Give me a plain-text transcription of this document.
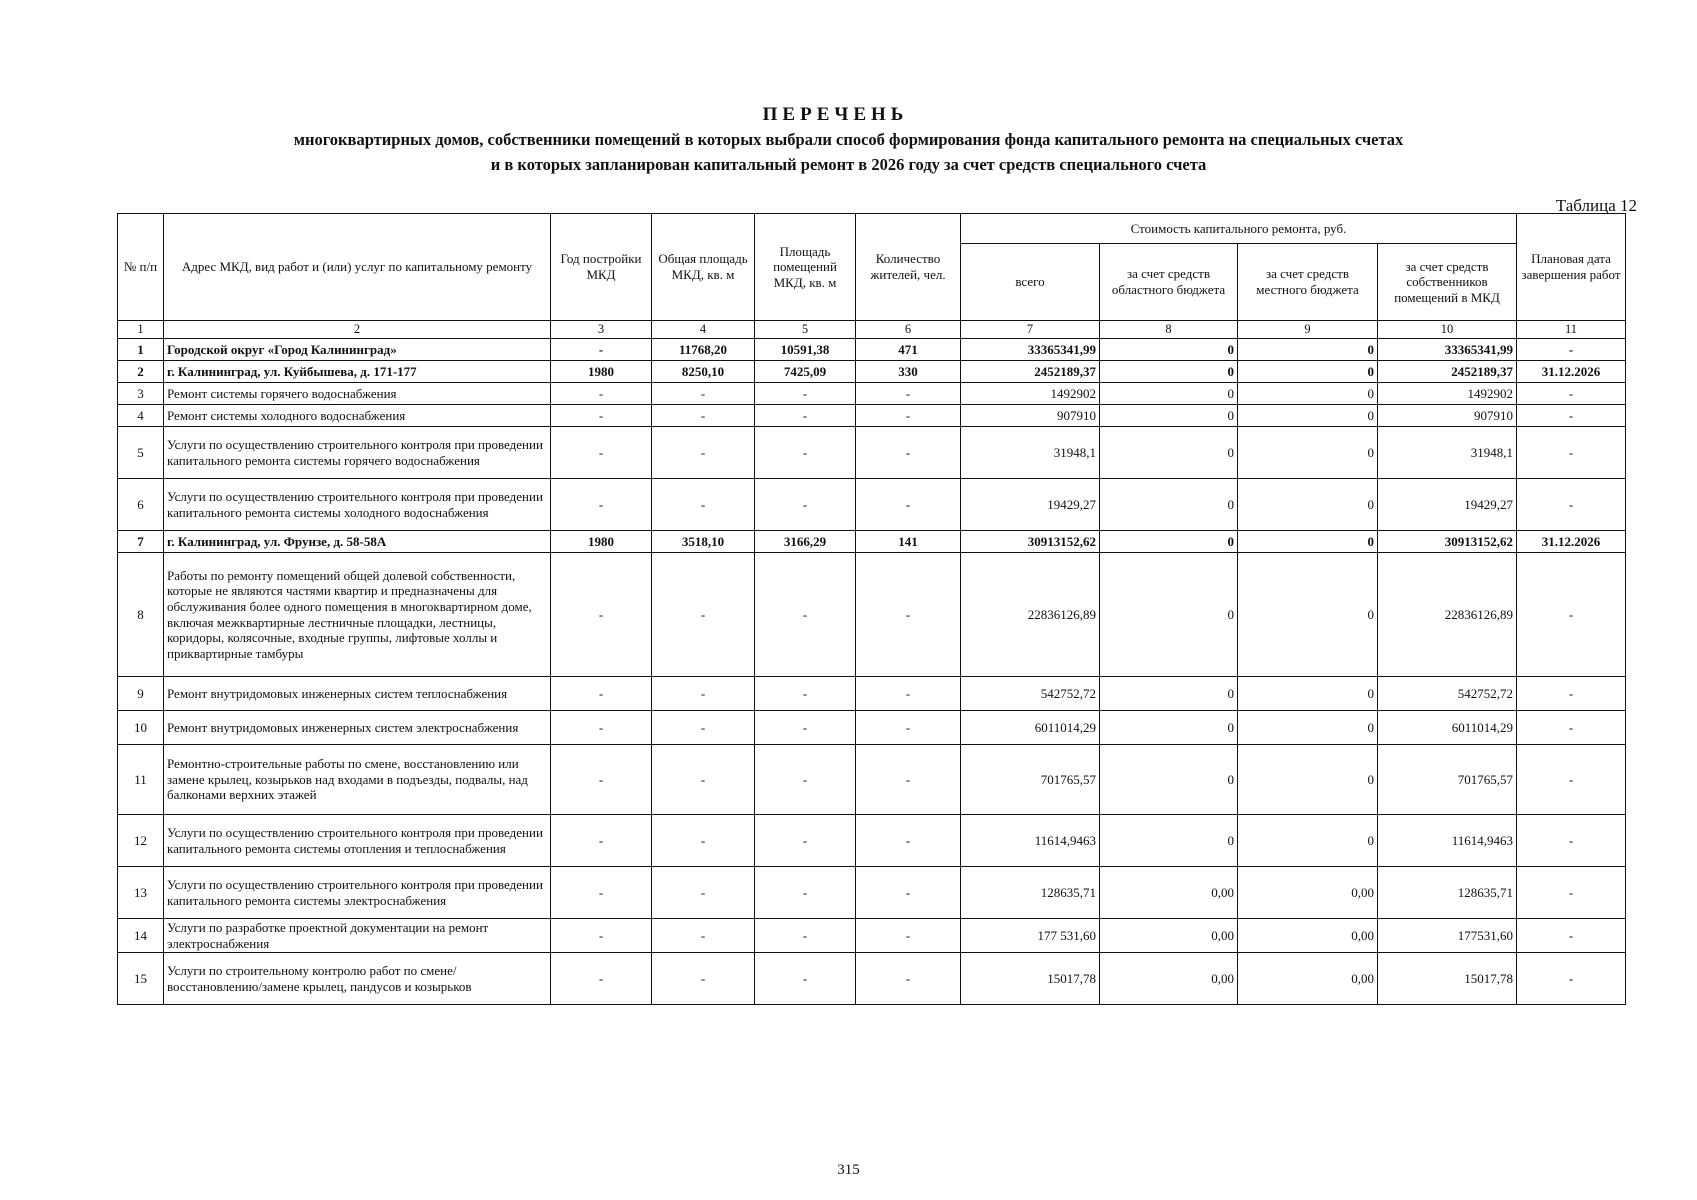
ПЕРЕЧЕНЬ
многоквартирных домов, собственники помещений в которых выбрали способ формирования фонда капитального ремонта на специальных счетах
и в которых запланирован капитальный ремонт в 2026 году за счет средств специального счета
Таблица 12
№ п/п	Адрес МКД, вид работ и (или) услуг по капитальному ремонту	Год постройки МКД	Общая площадь МКД, кв. м	Площадь помещений МКД, кв. м	Количество жителей, чел.	Стоимость капитального ремонта, руб.				Плановая дата завершения работ
						всего	за счет средств областного бюджета	за счет средств местного бюджета	за счет средств собственников помещений в МКД	
1	2	3	4	5	6	7	8	9	10	11
1	Городской округ «Город Калининград»	-	11768,20	10591,38	471	33365341,99	0	0	33365341,99	-
2	г. Калининград, ул. Куйбышева, д. 171-177	1980	8250,10	7425,09	330	2452189,37	0	0	2452189,37	31.12.2026
3	Ремонт системы горячего водоснабжения	-	-	-	-	1492902	0	0	1492902	-
4	Ремонт системы холодного водоснабжения	-	-	-	-	907910	0	0	907910	-
5	Услуги по осуществлению строительного контроля при проведении капитального ремонта системы горячего водоснабжения	-	-	-	-	31948,1	0	0	31948,1	-
6	Услуги по осуществлению строительного контроля при проведении капитального ремонта системы холодного водоснабжения	-	-	-	-	19429,27	0	0	19429,27	-
7	г. Калининград, ул. Фрунзе, д. 58-58А	1980	3518,10	3166,29	141	30913152,62	0	0	30913152,62	31.12.2026
8	Работы по ремонту помещений общей долевой собственности, которые не являются частями квартир и предназначены для обслуживания более одного помещения в многоквартирном доме, включая межквартирные лестничные площадки, лестницы, коридоры, колясочные, входные группы, лифтовые холлы и приквартирные тамбуры	-	-	-	-	22836126,89	0	0	22836126,89	-
9	Ремонт внутридомовых инженерных систем теплоснабжения	-	-	-	-	542752,72	0	0	542752,72	-
10	Ремонт внутридомовых инженерных систем электроснабжения	-	-	-	-	6011014,29	0	0	6011014,29	-
11	Ремонтно-строительные работы по смене, восстановлению или замене крылец, козырьков над входами в подъезды, подвалы, над балконами верхних этажей	-	-	-	-	701765,57	0	0	701765,57	-
12	Услуги по осуществлению строительного контроля при проведении капитального ремонта системы отопления и теплоснабжения	-	-	-	-	11614,9463	0	0	11614,9463	-
13	Услуги по осуществлению строительного контроля при проведении капитального ремонта системы электроснабжения	-	-	-	-	128635,71	0,00	0,00	128635,71	-
14	Услуги по разработке проектной документации на ремонт электроснабжения	-	-	-	-	177 531,60	0,00	0,00	177531,60	-
15	Услуги по строительному контролю работ по смене/восстановлению/замене крылец, пандусов и козырьков	-	-	-	-	15017,78	0,00	0,00	15017,78	-
315
